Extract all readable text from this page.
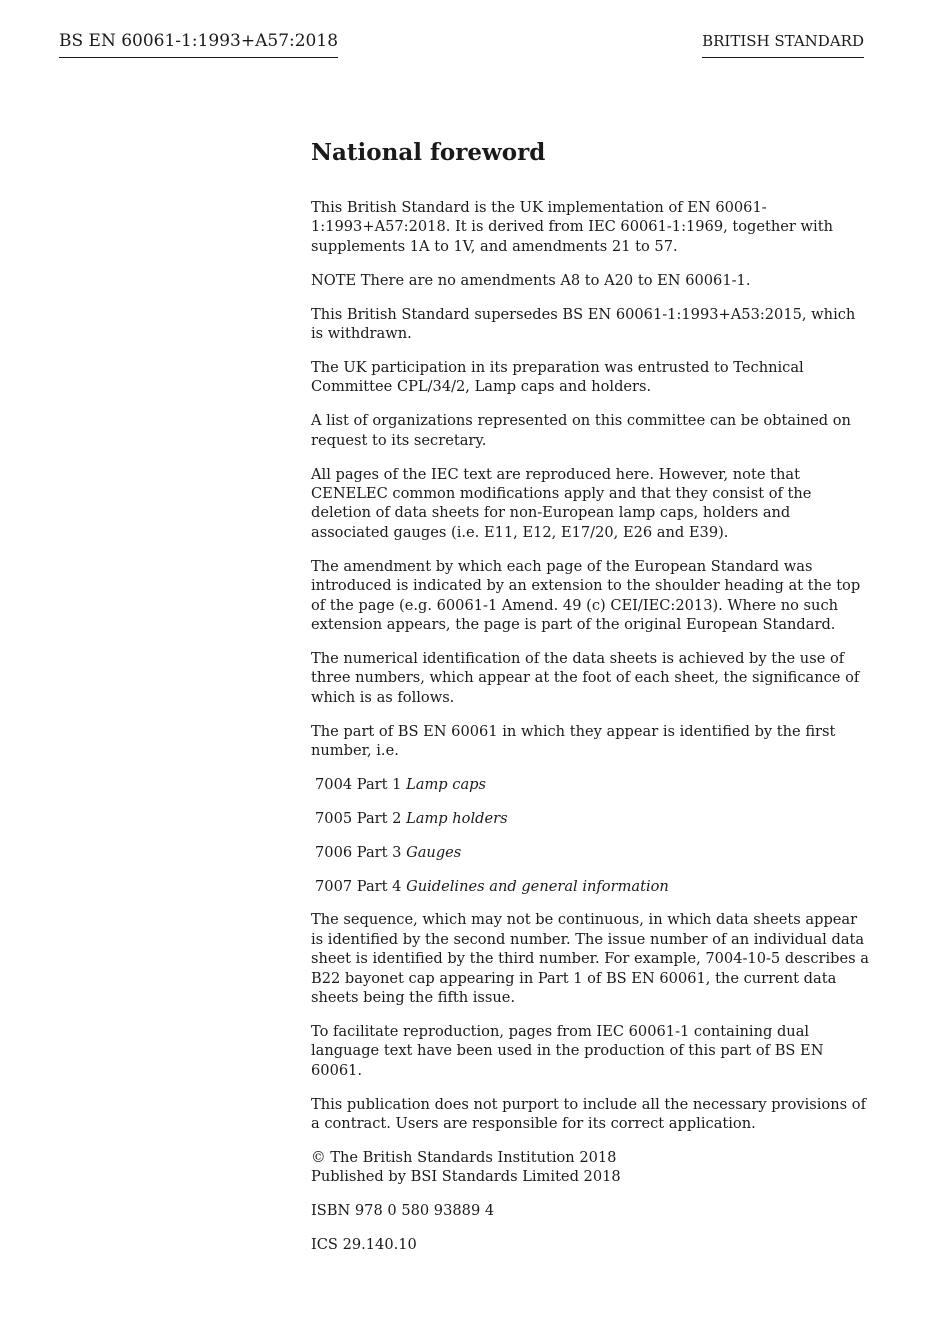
BS EN 60061-1:1993+A57:2018	BRITISH STANDARD
National foreword

This British Standard is the UK implementation of EN 60061-1:1993+A57:2018. It is derived from IEC 60061-1:1969, together with supplements 1A to 1V, and amendments 21 to 57.

NOTE There are no amendments A8 to A20 to EN 60061-1.

This British Standard supersedes BS EN 60061-1:1993+A53:2015, which is withdrawn.

The UK participation in its preparation was entrusted to Technical Committee CPL/34/2, Lamp caps and holders.

A list of organizations represented on this committee can be obtained on request to its secretary.

All pages of the IEC text are reproduced here. However, note that CENELEC common modifications apply and that they consist of the deletion of data sheets for non-European lamp caps, holders and associated gauges (i.e. E11, E12, E17/20, E26 and E39).

The amendment by which each page of the European Standard was introduced is indicated by an extension to the shoulder heading at the top of the page (e.g. 60061-1 Amend. 49 (c) CEI/IEC:2013). Where no such extension appears, the page is part of the original European Standard.

The numerical identification of the data sheets is achieved by the use of three numbers, which appear at the foot of each sheet, the significance of which is as follows.

The part of BS EN 60061 in which they appear is identified by the first number, i.e.

7004 Part 1 Lamp caps

7005 Part 2 Lamp holders

7006 Part 3 Gauges

7007 Part 4 Guidelines and general information

The sequence, which may not be continuous, in which data sheets appear is identified by the second number. The issue number of an individual data sheet is identified by the third number. For example, 7004-10-5 describes a B22 bayonet cap appearing in Part 1 of BS EN 60061, the current data sheets being the fifth issue.

To facilitate reproduction, pages from IEC 60061-1 containing dual language text have been used in the production of this part of BS EN 60061.

This publication does not purport to include all the necessary provisions of a contract. Users are responsible for its correct application.

© The British Standards Institution 2018
Published by BSI Standards Limited 2018

ISBN 978 0 580 93889 4

ICS 29.140.10
